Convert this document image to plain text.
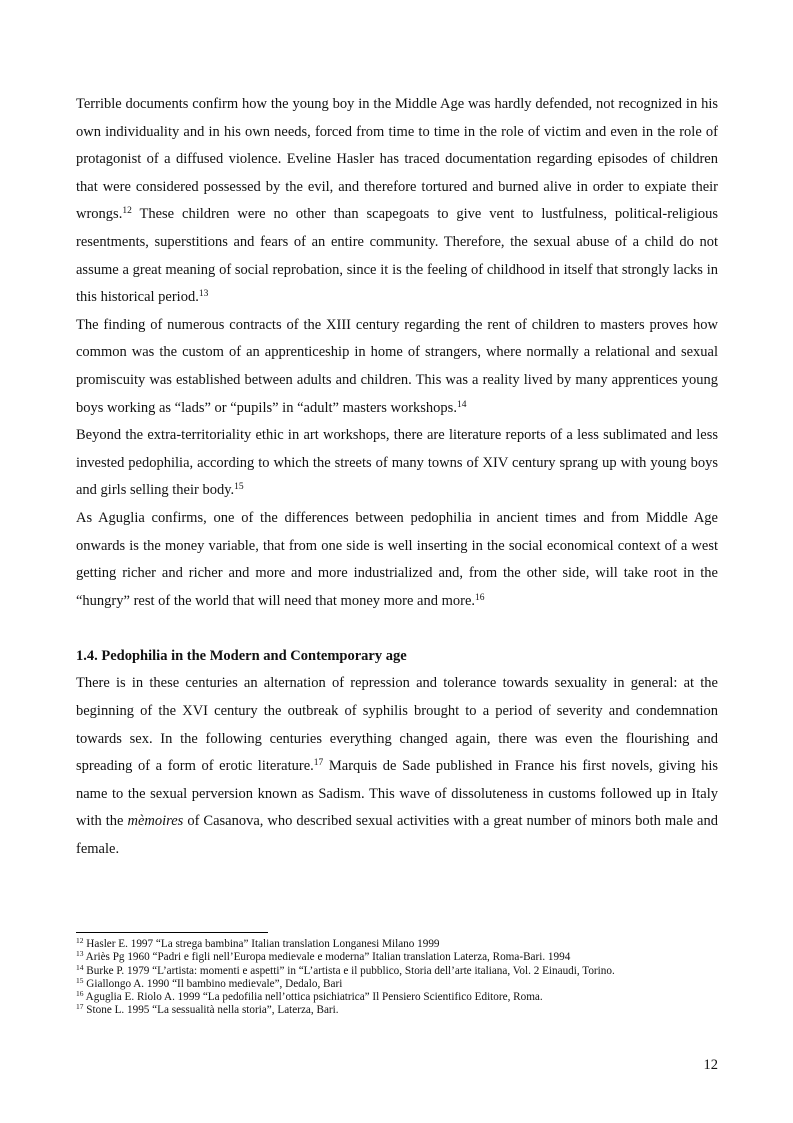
Terrible documents confirm how the young boy in the Middle Age was hardly defended, not recognized in his own individuality and in his own needs, forced from time to time in the role of victim and even in the role of protagonist of a diffused violence. Eveline Hasler has traced documentation regarding episodes of children that were considered possessed by the evil, and therefore tortured and burned alive in order to expiate their wrongs.$^{12}$ These children were no other than scapegoats to give vent to lustfulness, political-religious resentments, superstitions and fears of an entire community. Therefore, the sexual abuse of a child do not assume a great meaning of social reprobation, since it is the feeling of childhood in itself that strongly lacks in this historical period.$^{13}$

The finding of numerous contracts of the XIII century regarding the rent of children to masters proves how common was the custom of an apprenticeship in home of strangers, where normally a relational and sexual promiscuity was established between adults and children. This was a reality lived by many apprentices young boys working as “lads” or “pupils” in “adult” masters workshops.$^{14}$

Beyond the extra-territoriality ethic in art workshops, there are literature reports of a less sublimated and less invested pedophilia, according to which the streets of many towns of XIV century sprang up with young boys and girls selling their body.$^{15}$

As Aguglia confirms, one of the differences between pedophilia in ancient times and from Middle Age onwards is the money variable, that from one side is well inserting in the social economical context of a west getting richer and richer and more and more industrialized and, from the other side, will take root in the “hungry” rest of the world that will need that money more and more.$^{16}$

1.4. Pedophilia in the Modern and Contemporary age

There is in these centuries an alternation of repression and tolerance towards sexuality in general: at the beginning of the XVI century the outbreak of syphilis brought to a period of severity and condemnation towards sex. In the following centuries everything changed again, there was even the flourishing and spreading of a form of erotic literature.$^{17}$ Marquis de Sade published in France his first novels, giving his name to the sexual perversion known as Sadism. This wave of dissoluteness in customs followed up in Italy with the mèmoires of Casanova, who described sexual activities with a great number of minors both male and female.

$^{12}$ Hasler E. 1997 “La strega bambina” Italian translation Longanesi Milano 1999

$^{13}$ Ariès Pg 1960 “Padri e figli nell’Europa medievale e moderna” Italian translation Laterza, Roma-Bari. 1994

$^{14}$ Burke P. 1979 “L’artista: momenti e aspetti” in “L’artista e il pubblico, Storia dell’arte italiana, Vol. 2 Einaudi, Torino.

$^{15}$ Giallongo A. 1990 “Il bambino medievale”, Dedalo, Bari

$^{16}$ Aguglia E. Riolo A. 1999 “La pedofilia nell’ottica psichiatrica” Il Pensiero Scientifico Editore, Roma.

$^{17}$ Stone L. 1995 “La sessualità nella storia”, Laterza, Bari.

12
